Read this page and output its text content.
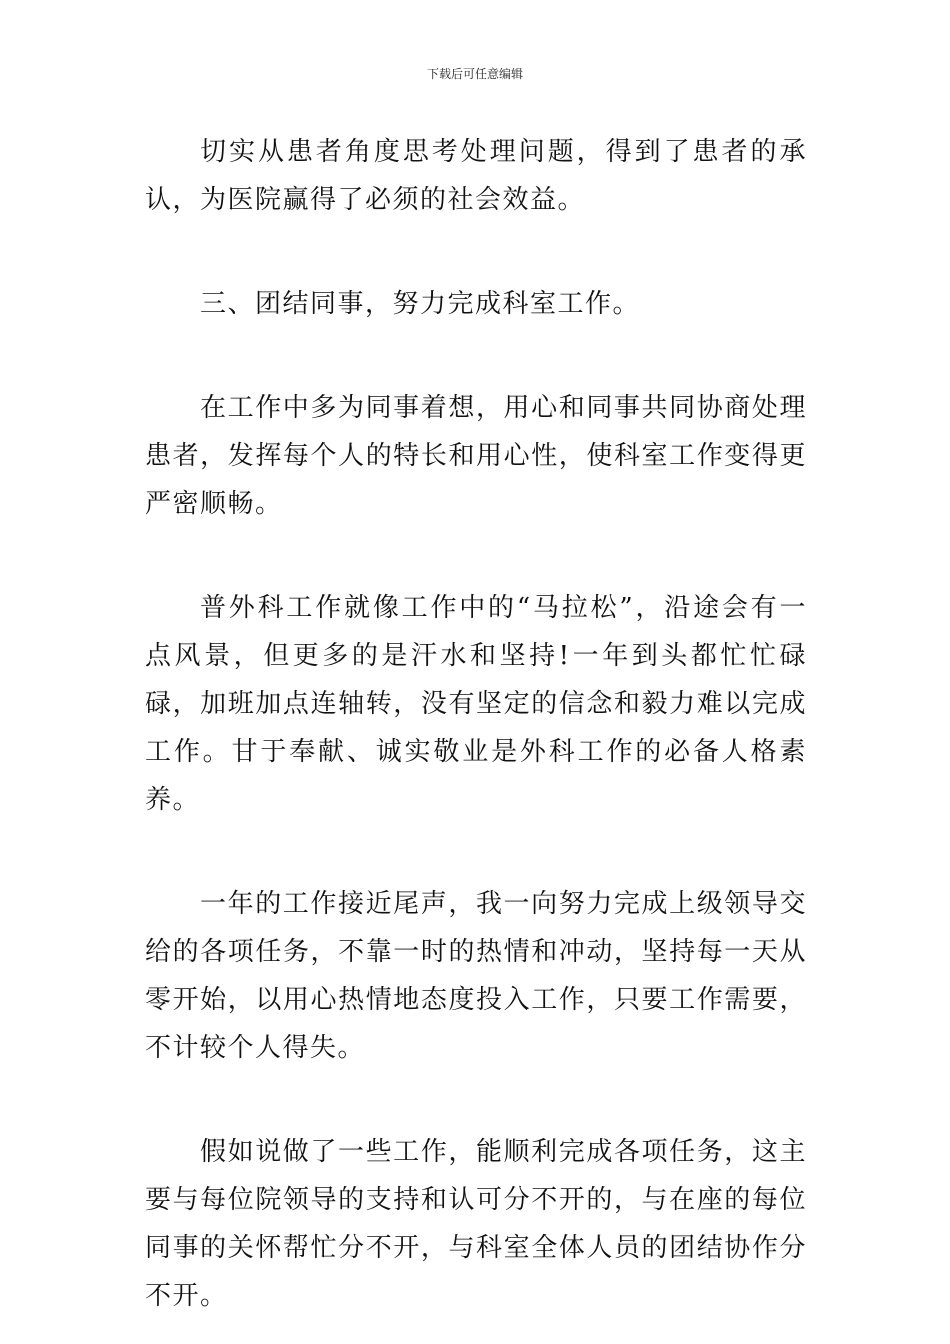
下载后可任意编辑

切实从患者角度思考处理问题，得到了患者的承认，为医院赢得了必须的社会效益。

三、团结同事，努力完成科室工作。

在工作中多为同事着想，用心和同事共同协商处理患者，发挥每个人的特长和用心性，使科室工作变得更严密顺畅。

普外科工作就像工作中的“马拉松”，沿途会有一点风景，但更多的是汗水和坚持!一年到头都忙忙碌碌，加班加点连轴转，没有坚定的信念和毅力难以完成工作。甘于奉献、诚实敬业是外科工作的必备人格素养。

一年的工作接近尾声，我一向努力完成上级领导交给的各项任务，不靠一时的热情和冲动，坚持每一天从零开始，以用心热情地态度投入工作，只要工作需要，不计较个人得失。

假如说做了一些工作，能顺利完成各项任务，这主要与每位院领导的支持和认可分不开的，与在座的每位同事的关怀帮忙分不开，与科室全体人员的团结协作分不开。
